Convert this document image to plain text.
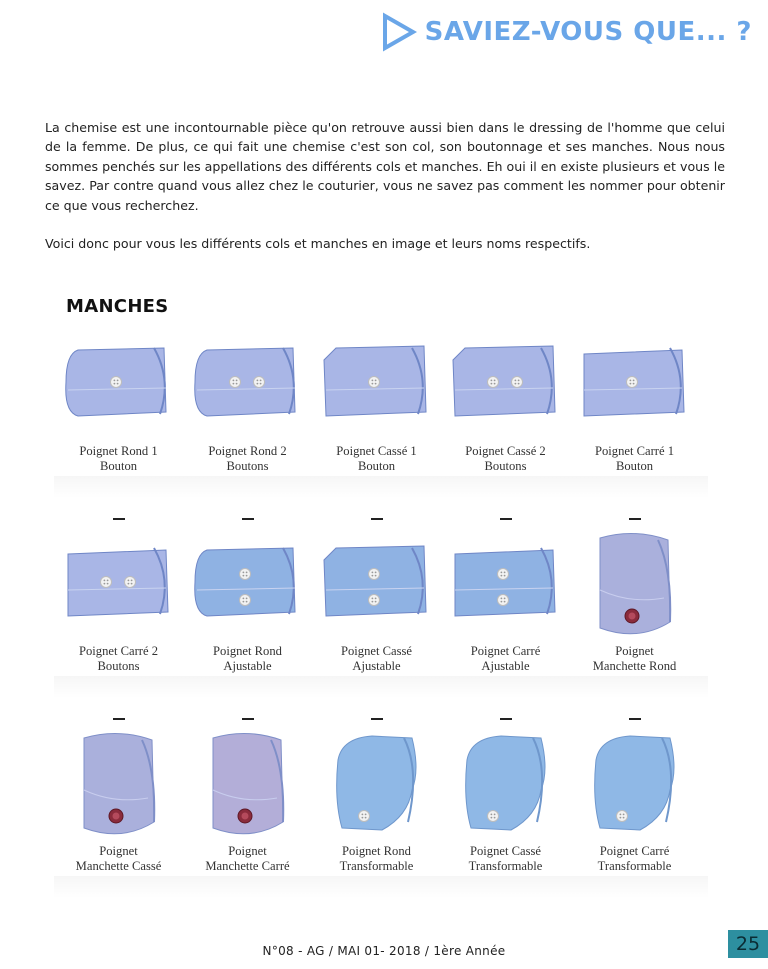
SAVIEZ-VOUS QUE... ?

La chemise est une incontournable pièce qu'on retrouve aussi bien dans le dressing de l'homme que celui de la femme. De plus, ce qui fait une chemise c'est son col, son boutonnage et ses manches. Nous nous sommes penchés sur les appellations des différents cols et manches. Eh oui il en existe plusieurs et vous le savez. Par contre quand vous allez chez le couturier, vous ne savez pas comment les nommer pour obtenir ce que vous recherchez.

Voici donc pour vous les différents cols et manches en image et leurs noms respectifs.

MANCHES
Poignet Rond 1
Bouton
Poignet Rond 2
Boutons
Poignet Cassé 1
Bouton
Poignet Cassé 2
Boutons
Poignet Carré 1
Bouton
Poignet Carré 2
Boutons
Poignet Rond
Ajustable
Poignet Cassé
Ajustable
Poignet Carré
Ajustable
Poignet
Manchette Rond
Poignet
Manchette Cassé
Poignet
Manchette Carré
Poignet Rond
Transformable
Poignet Cassé
Transformable
Poignet Carré
Transformable
N°08 - AG / MAI 01- 2018 / 1ère Année	25
